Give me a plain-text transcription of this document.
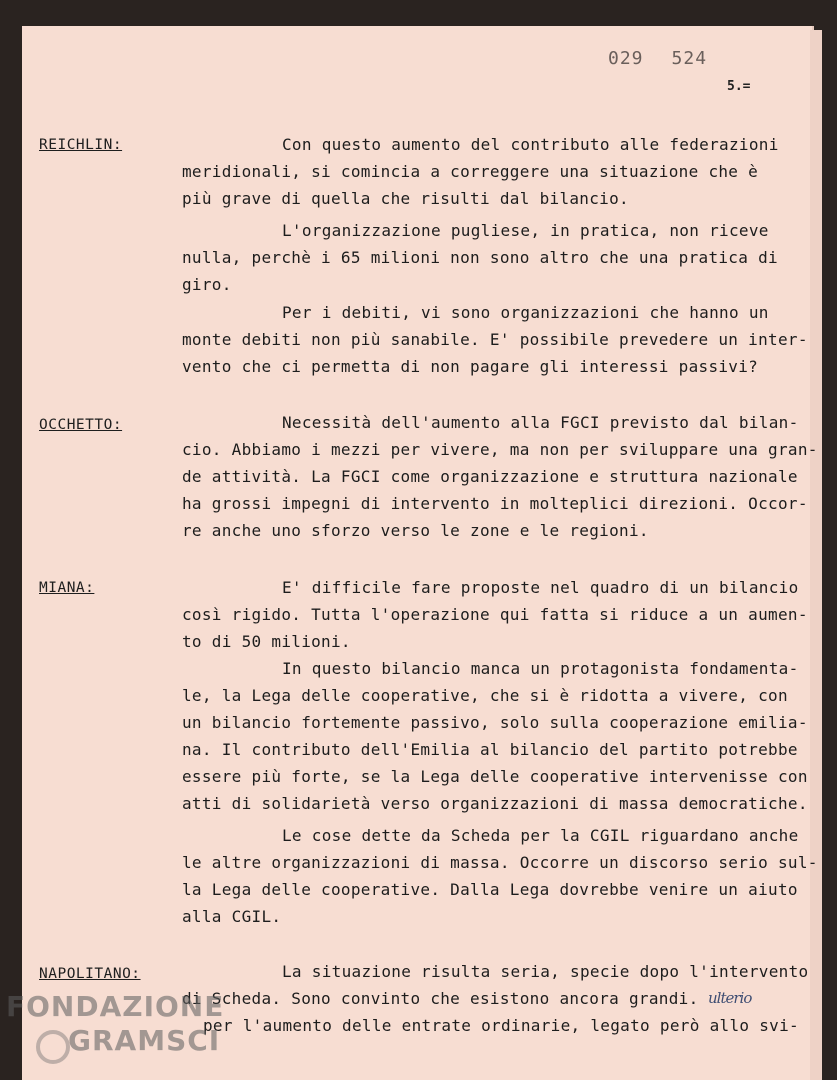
029 524
5.=
REICHLIN:
OCCHETTO:
MIANA:
NAPOLITANO:
Con questo aumento del contributo alle federazioni
meridionali, si comincia a correggere una situazione che è
più grave di quella che risulti dal bilancio.
L'organizzazione pugliese, in pratica, non riceve
nulla, perchè i 65 milioni non sono altro che una pratica di
giro.
Per i debiti, vi sono organizzazioni che hanno un
monte debiti non più sanabile. E' possibile prevedere un inter-
vento che ci permetta di non pagare gli interessi passivi?
Necessità dell'aumento alla FGCI previsto dal bilan-
cio. Abbiamo i mezzi per vivere, ma non per sviluppare una gran-
de attività. La FGCI come organizzazione e struttura nazionale
ha grossi impegni di intervento in molteplici direzioni. Occor-
re anche uno sforzo verso le zone e le regioni.
E' difficile fare proposte nel quadro di un bilancio
così rigido. Tutta l'operazione qui fatta si riduce a un aumen-
to di 50 milioni.
In questo bilancio manca un protagonista fondamenta-
le, la Lega delle cooperative, che si è ridotta a vivere, con
un bilancio fortemente passivo, solo sulla cooperazione emilia-
na. Il contributo dell'Emilia al bilancio del partito potrebbe
essere più forte, se la Lega delle cooperative intervenisse con
atti di solidarietà verso organizzazioni di massa democratiche.
Le cose dette da Scheda per la CGIL riguardano anche
le altre organizzazioni di massa. Occorre un discorso serio sul-
la Lega delle cooperative. Dalla Lega dovrebbe venire un aiuto
alla CGIL.
La situazione risulta seria, specie dopo l'intervento
di Scheda. Sono convinto che esistono ancora grandi.
per l'aumento delle entrate ordinarie, legato però allo svi-
ulterio
FONDAZIONE
GRAMSCI
